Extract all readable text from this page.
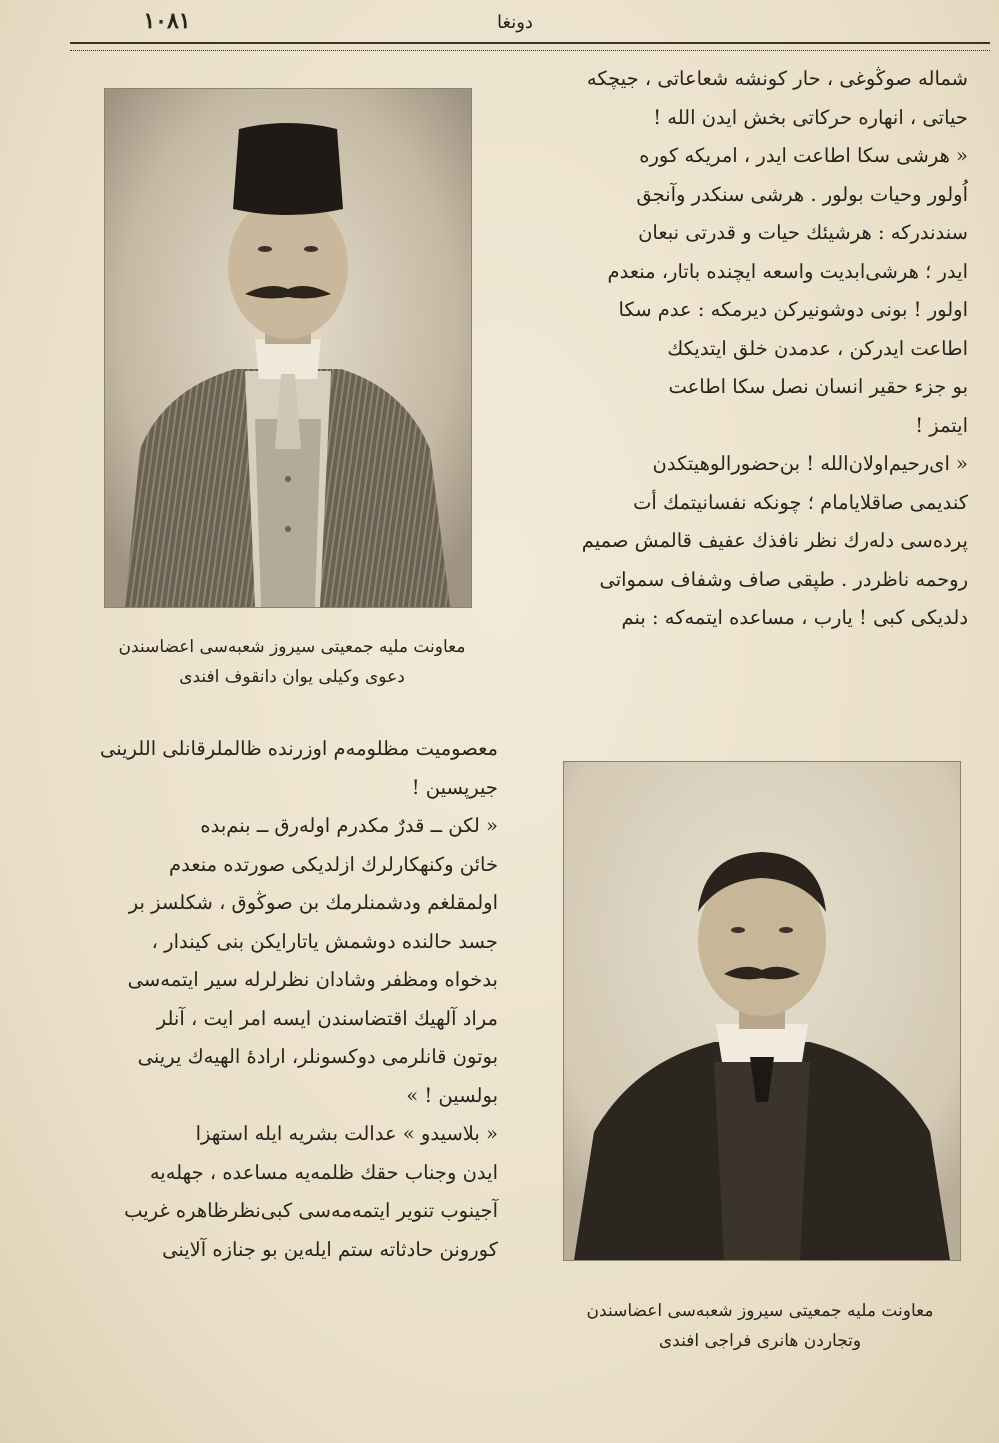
١٠٨١	دونغا

شماله صوڭوغى ، حار كونشه شعاعاتى ، جيچكه

حياتى ، انهاره حركاتى بخش ايدن الله !

« هرشى سكا اطاعت ايدر ، امريكه كوره

اُولور وحيات بولور . هرشى سنكدر وآنجق

سندندركه : هرشيئك حيات و قدرتى نبعان

ايدر ؛ هرشى‌ابديت واسعه ايچنده باتار، منعدم

اولور ! بونى دوشونيركن ديرمكه : عدم سكا

اطاعت ايدركن ، عدمدن خلق ايتديكك

بو جزء حقير انسان نصل سكا اطاعت

ايتمز !

« اى‌رحيم‌اولان‌الله ! بن‌حضورالوهيتكدن

كنديمى صاقلايامام ؛ چونكه نفسانيتمك أت

پرده‌سى دله‌رك نظر نافذك عفيف قالمش صميم

روحمه ناظردر . طپقى صاف وشفاف سمواتى

دلديكى كبى ! يارب ، مساعده ايتمه‌كه : بنم

معاونت مليه جمعيتى سيروز شعبه‌سى اعضاسندن
دعوى وكيلى يوان دانقوف افندى

معصوميت مظلومه‌م اوزرنده ظالملرقانلى اللرينى

جيرپسين !

« لكن ــ قدرٌ مكدرم اوله‌رق ــ بنم‌بده

خائن وكنهكارلرك ازلديكى صورتده منعدم

اولمقلغم ودشمنلرمك بن صوڭوق ، شكلسز بر

جسد حالنده دوشمش ياتارايكن بنى كيندار ،

بدخواه ومظفر وشادان نظرلرله سير ايتمه‌سى

مراد آلهيك اقتضاسندن ايسه امر ايت ، آنلر

بوتون قانلرمى دوكسونلر، ارادهٔ الهيه‌ك يرينى

بولسين ! »

« بلاسيدو » عدالت بشريه ايله استهزا

ايدن وجناب حقك ظلمه‌يه مساعده ، جهله‌يه

آجينوب تنوير ايتمه‌مه‌سى كبى‌نظرظاهره غريب

كورونن حادثاته ستم ايله‌ين بو جنازه آلاينى

معاونت مليه جمعيتى سيروز شعبه‌سى اعضاسندن
وتجاردن هانرى فراجى افندى
